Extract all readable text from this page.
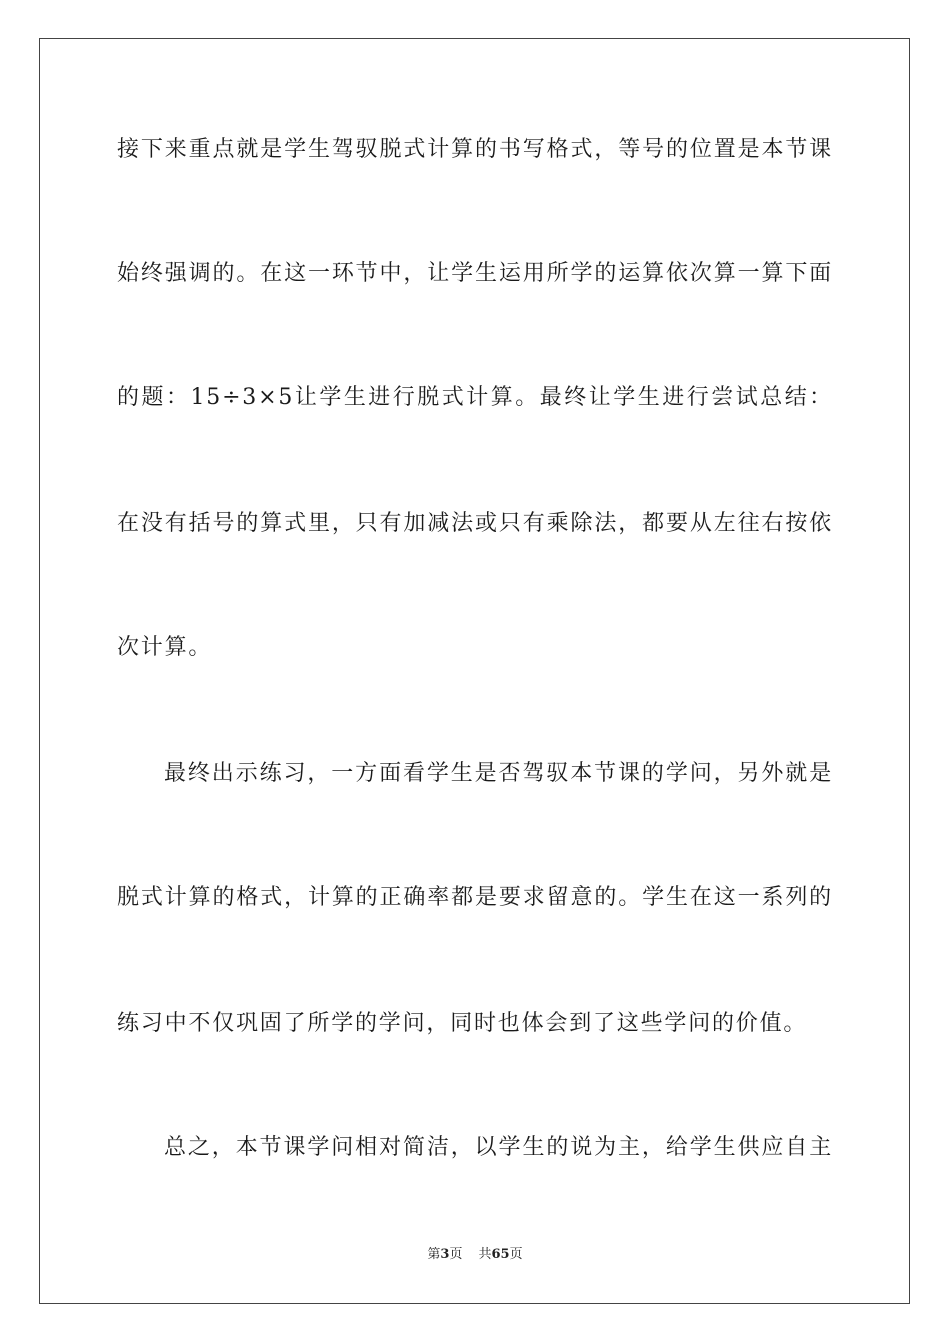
接下来重点就是学生驾驭脱式计算的书写格式，等号的位置是本节课
始终强调的。在这一环节中，让学生运用所学的运算依次算一算下面
的题：15÷3×5让学生进行脱式计算。最终让学生进行尝试总结：
在没有括号的算式里，只有加减法或只有乘除法，都要从左往右按依
次计算。
最终出示练习，一方面看学生是否驾驭本节课的学问，另外就是
脱式计算的格式，计算的正确率都是要求留意的。学生在这一系列的
练习中不仅巩固了所学的学问，同时也体会到了这些学问的价值。
总之，本节课学问相对简洁，以学生的说为主，给学生供应自主
第3页 共65页
